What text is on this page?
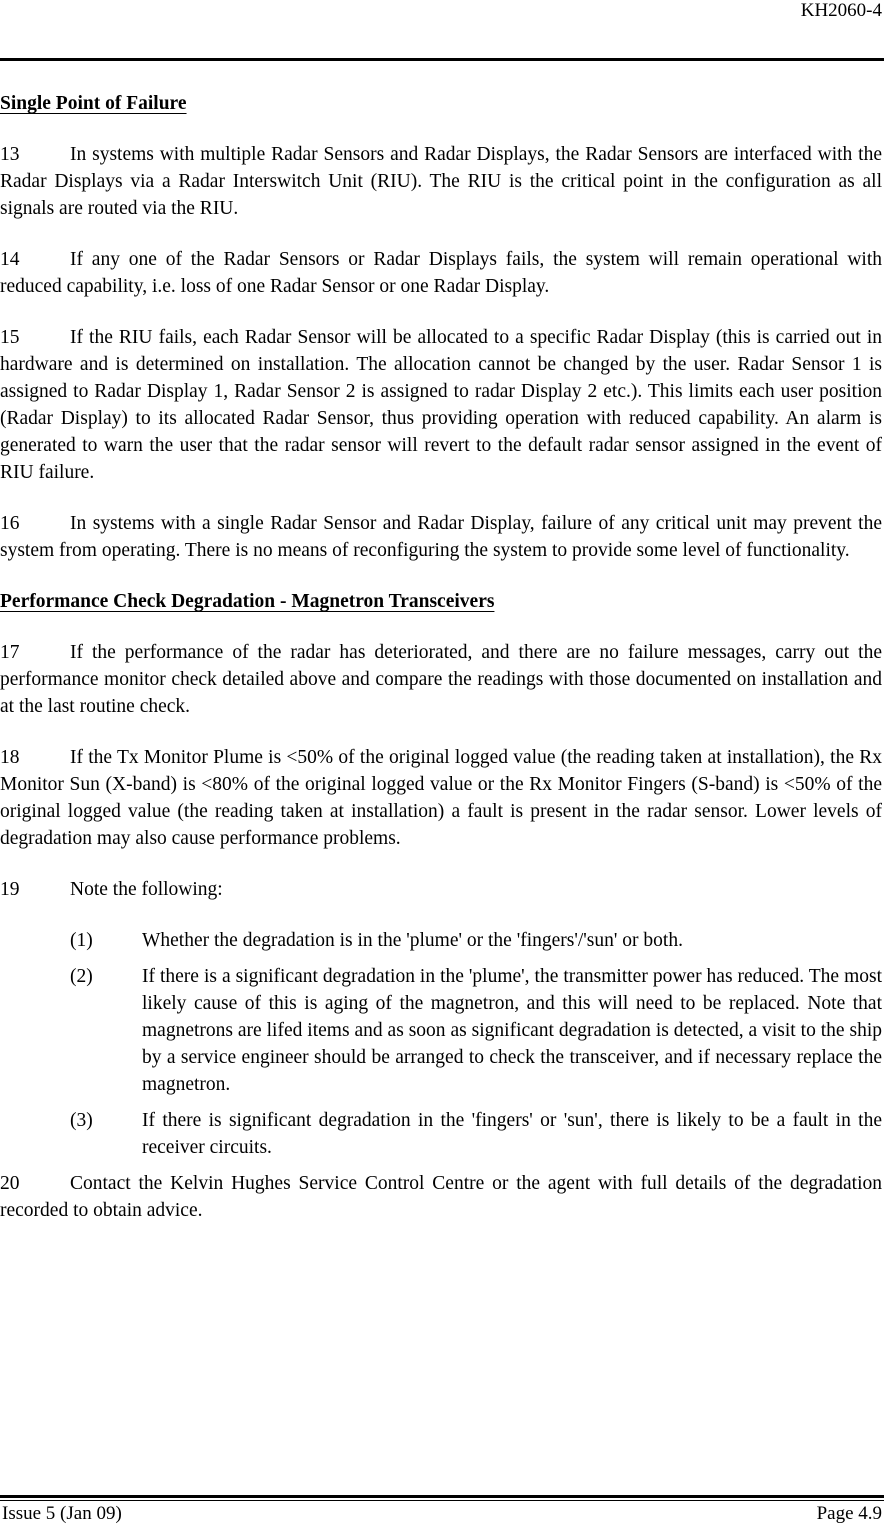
KH2060-4

Single Point of Failure

13	In systems with multiple Radar Sensors and Radar Displays, the Radar Sensors are interfaced with the Radar Displays via a Radar Interswitch Unit (RIU). The RIU is the critical point in the configuration as all signals are routed via the RIU.

14	If any one of the Radar Sensors or Radar Displays fails, the system will remain operational with reduced capability, i.e. loss of one Radar Sensor or one Radar Display.

15	If the RIU fails, each Radar Sensor will be allocated to a specific Radar Display (this is carried out in hardware and is determined on installation. The allocation cannot be changed by the user. Radar Sensor 1 is assigned to Radar Display 1, Radar Sensor 2 is assigned to radar Display 2 etc.). This limits each user position (Radar Display) to its allocated Radar Sensor, thus providing operation with reduced capability. An alarm is generated to warn the user that the radar sensor will revert to the default radar sensor assigned in the event of RIU failure.

16	In systems with a single Radar Sensor and Radar Display, failure of any critical unit may prevent the system from operating. There is no means of reconfiguring the system to provide some level of functionality.

Performance Check Degradation - Magnetron Transceivers

17	If the performance of the radar has deteriorated, and there are no failure messages, carry out the performance monitor check detailed above and compare the readings with those documented on installation and at the last routine check.

18	If the Tx Monitor Plume is <50% of the original logged value (the reading taken at installation), the Rx Monitor Sun (X-band) is <80% of the original logged value or the Rx Monitor Fingers (S-band) is <50% of the original logged value (the reading taken at installation) a fault is present in the radar sensor. Lower levels of degradation may also cause performance problems.

19	Note the following:

(1)	Whether the degradation is in the 'plume' or the 'fingers'/'sun' or both.
(2)	If there is a significant degradation in the 'plume', the transmitter power has reduced. The most likely cause of this is aging of the magnetron, and this will need to be replaced. Note that magnetrons are lifed items and as soon as significant degradation is detected, a visit to the ship by a service engineer should be arranged to check the transceiver, and if necessary replace the magnetron.
(3)	If there is significant degradation in the 'fingers' or 'sun', there is likely to be a fault in the receiver circuits.

20	Contact the Kelvin Hughes Service Control Centre or the agent with full details of the degradation recorded to obtain advice.

Issue 5 (Jan 09)	Page 4.9
